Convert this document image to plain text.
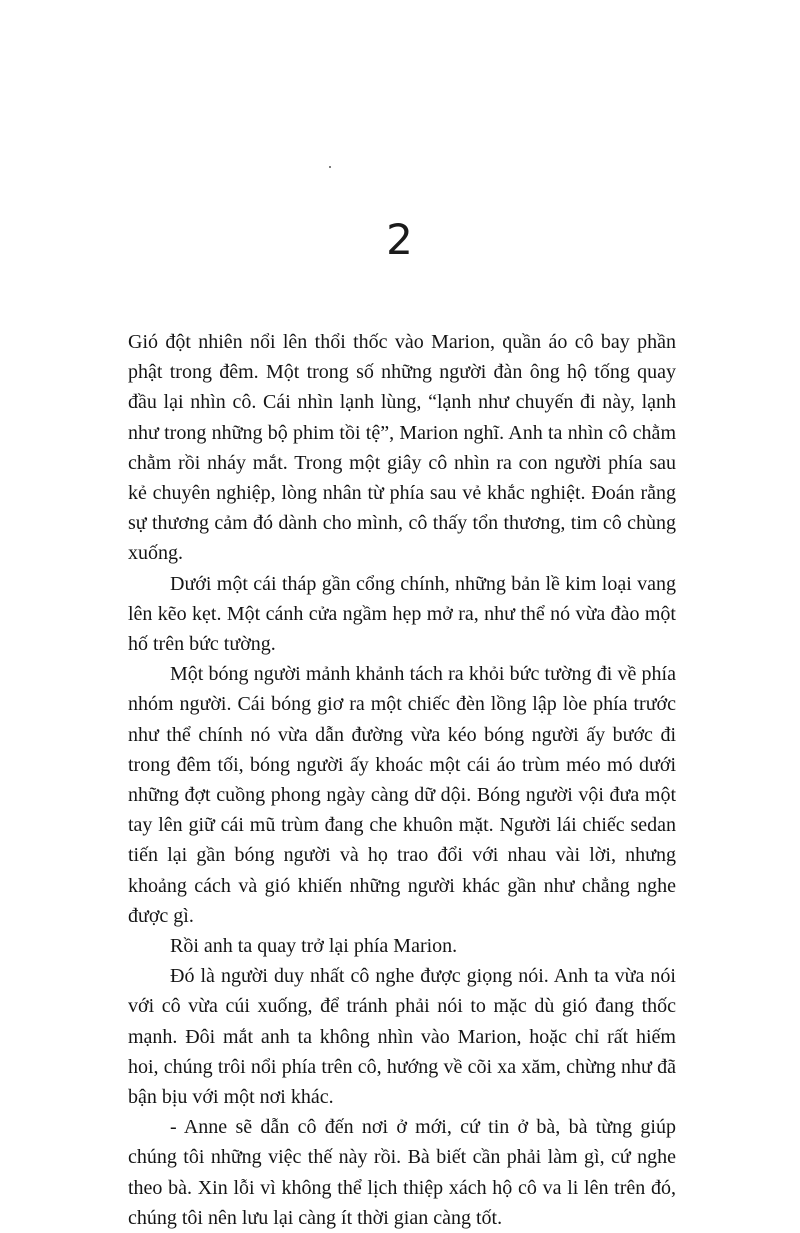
2

Gió đột nhiên nổi lên thổi thốc vào Marion, quần áo cô bay phần phật trong đêm. Một trong số những người đàn ông hộ tống quay đầu lại nhìn cô. Cái nhìn lạnh lùng, “lạnh như chuyến đi này, lạnh như trong những bộ phim tồi tệ”, Marion nghĩ. Anh ta nhìn cô chằm chằm rồi nháy mắt. Trong một giây cô nhìn ra con người phía sau kẻ chuyên nghiệp, lòng nhân từ phía sau vẻ khắc nghiệt. Đoán rằng sự thương cảm đó dành cho mình, cô thấy tổn thương, tim cô chùng xuống.

Dưới một cái tháp gần cổng chính, những bản lề kim loại vang lên kẽo kẹt. Một cánh cửa ngầm hẹp mở ra, như thể nó vừa đào một hố trên bức tường.

Một bóng người mảnh khảnh tách ra khỏi bức tường đi về phía nhóm người. Cái bóng giơ ra một chiếc đèn lồng lập lòe phía trước như thể chính nó vừa dẫn đường vừa kéo bóng người ấy bước đi trong đêm tối, bóng người ấy khoác một cái áo trùm méo mó dưới những đợt cuồng phong ngày càng dữ dội. Bóng người vội đưa một tay lên giữ cái mũ trùm đang che khuôn mặt. Người lái chiếc sedan tiến lại gần bóng người và họ trao đổi với nhau vài lời, nhưng khoảng cách và gió khiến những người khác gần như chẳng nghe được gì.

Rồi anh ta quay trở lại phía Marion.

Đó là người duy nhất cô nghe được giọng nói. Anh ta vừa nói với cô vừa cúi xuống, để tránh phải nói to mặc dù gió đang thốc mạnh. Đôi mắt anh ta không nhìn vào Marion, hoặc chỉ rất hiếm hoi, chúng trôi nổi phía trên cô, hướng về cõi xa xăm, chừng như đã bận bịu với một nơi khác.

- Anne sẽ dẫn cô đến nơi ở mới, cứ tin ở bà, bà từng giúp chúng tôi những việc thế này rồi. Bà biết cần phải làm gì, cứ nghe theo bà. Xin lỗi vì không thể lịch thiệp xách hộ cô va li lên trên đó, chúng tôi nên lưu lại càng ít thời gian càng tốt.
